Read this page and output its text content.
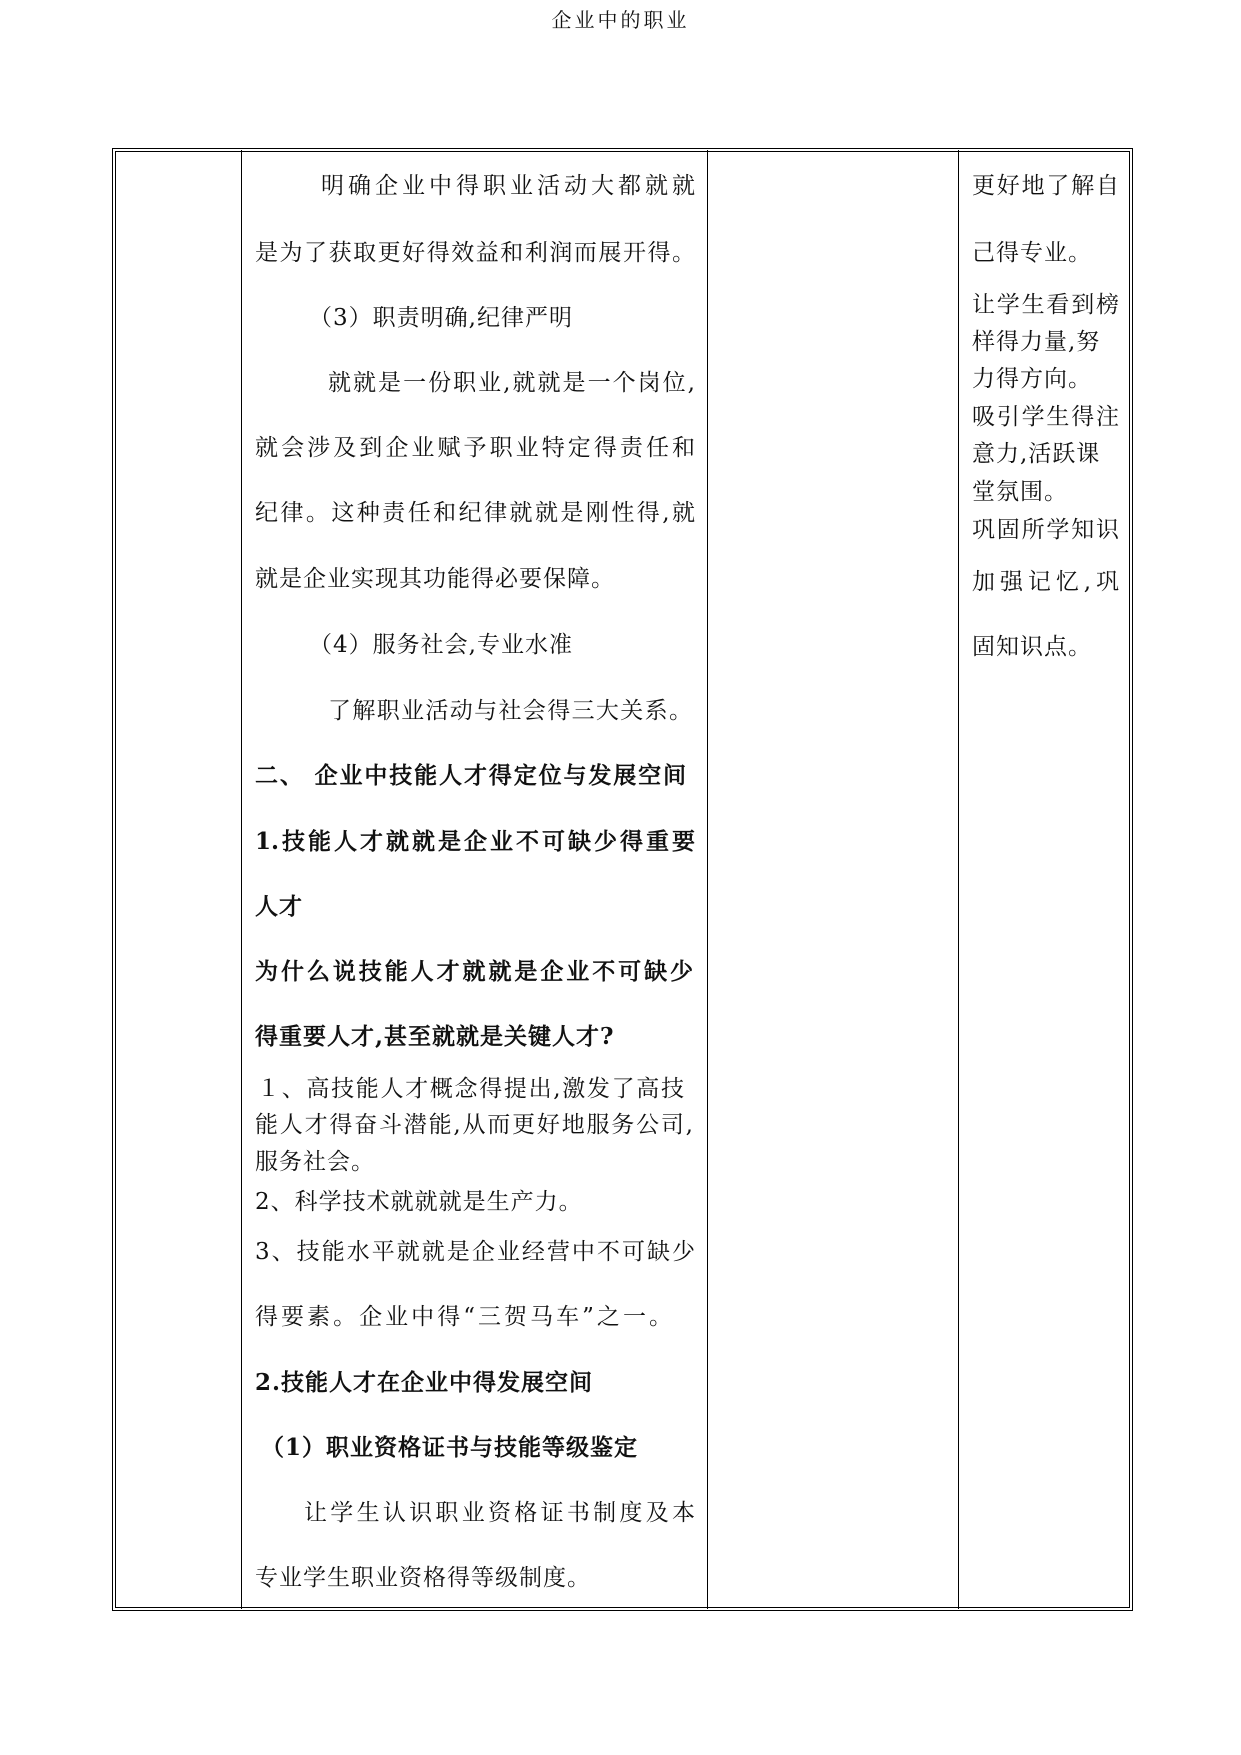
企业中的职业
明确企业中得职业活动大都就就
是为了获取更好得效益和利润而展开得。
（3）职责明确,纪律严明
就就是一份职业,就就是一个岗位,
就会涉及到企业赋予职业特定得责任和
纪律。这种责任和纪律就就是刚性得,就
就是企业实现其功能得必要保障。
（4）服务社会,专业水准
了解职业活动与社会得三大关系。
二、 企业中技能人才得定位与发展空间
1.技能人才就就是企业不可缺少得重要
人才
为什么说技能人才就就是企业不可缺少
得重要人才,甚至就就是关键人才?
１、高技能人才概念得提出,激发了高技
能人才得奋斗潜能,从而更好地服务公司,
服务社会。
2、科学技术就就就是生产力。
3、技能水平就就是企业经营中不可缺少
得要素。企业中得“三贺马车”之一。
2.技能人才在企业中得发展空间
（1）职业资格证书与技能等级鉴定
让学生认识职业资格证书制度及本
专业学生职业资格得等级制度。
更好地了解自
己得专业。
让学生看到榜
样得力量,努
力得方向。
吸引学生得注
意力,活跃课
堂氛围。
巩固所学知识
加强记忆,巩
固知识点。
